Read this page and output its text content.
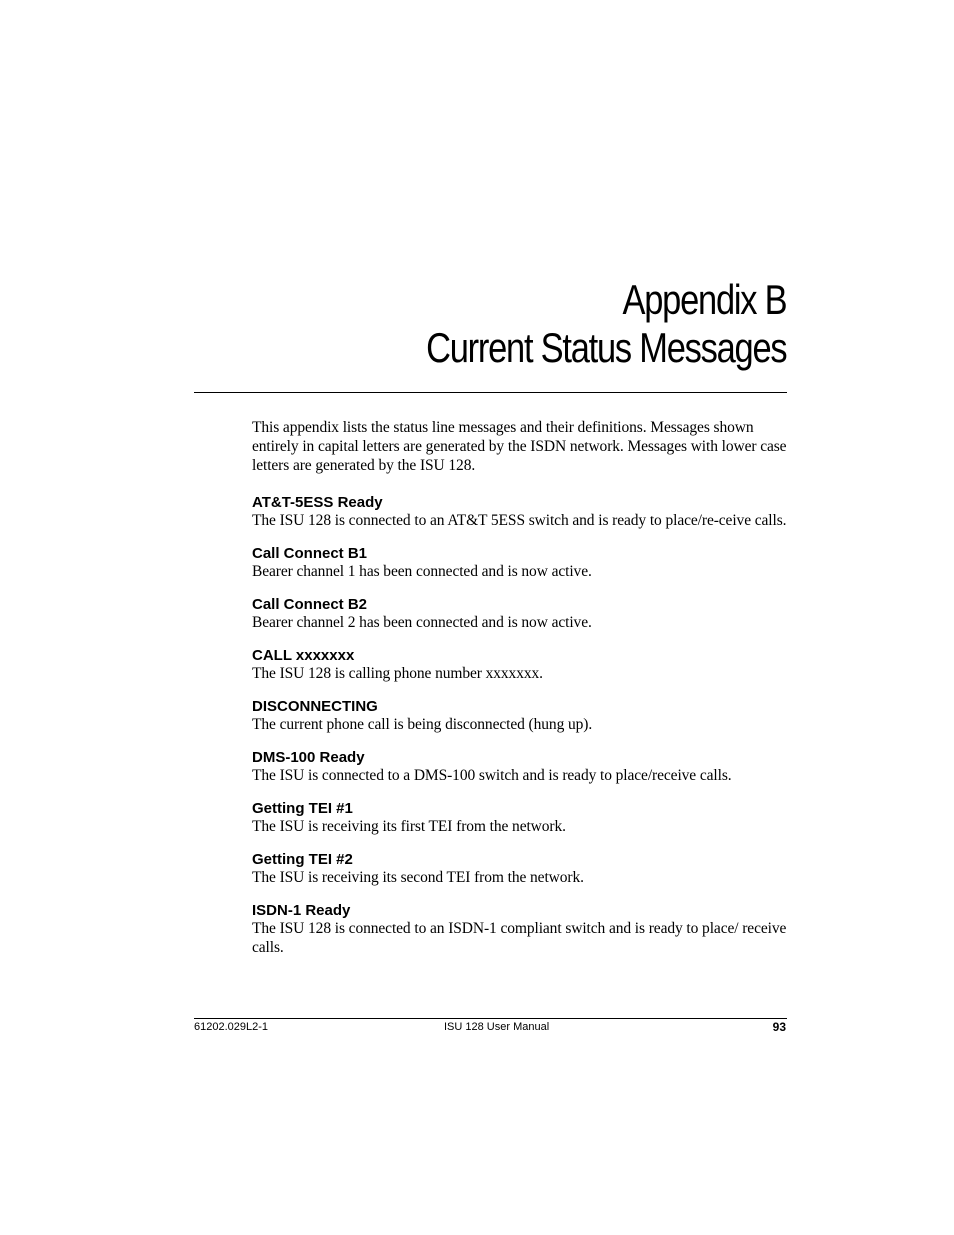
Appendix B
Current Status Messages

This appendix lists the status line messages and their definitions. Messages shown entirely in capital letters are generated by the ISDN network. Messages with lower case letters are generated by the ISU 128.

AT&T-5ESS Ready

The ISU 128 is connected to an AT&T 5ESS switch and is ready to place/re-ceive calls.

Call Connect B1

Bearer channel 1 has been connected and is now active.

Call Connect B2

Bearer channel 2 has been connected and is now active.

CALL xxxxxxx

The ISU 128 is calling phone number xxxxxxx.

DISCONNECTING

The current phone call is being disconnected (hung up).

DMS-100 Ready

The ISU is connected to a DMS-100 switch and is ready to place/receive calls.

Getting TEI #1

The ISU is receiving its first TEI from the network.

Getting TEI #2

The ISU is receiving its second TEI from the network.

ISDN-1 Ready

The ISU 128 is connected to an ISDN-1 compliant switch and is ready to place/ receive calls.

61202.029L2-1	ISU 128 User Manual	93
